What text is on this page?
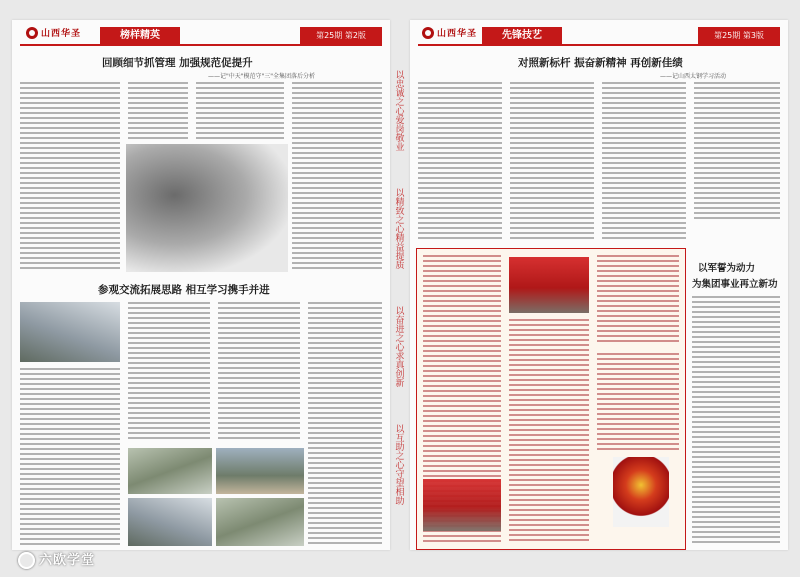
山西华圣	榜样精英	第25期 第2版
回顾细节抓管理 加强规范促提升
——记"中天"模范守"三"全集团落后分析
参观交流拓展思路 相互学习携手并进
以忠诚之心爱岗敬业
以精致之心精益提质
以奋进之心求真创新
以互助之心守望相助
山西华圣	先锋技艺	第25期 第3版
对照新标杆 振奋新精神 再创新佳绩
——记山西太钢学习活动
以军誓为动力
为集团事业再立新功
六欧学堂
